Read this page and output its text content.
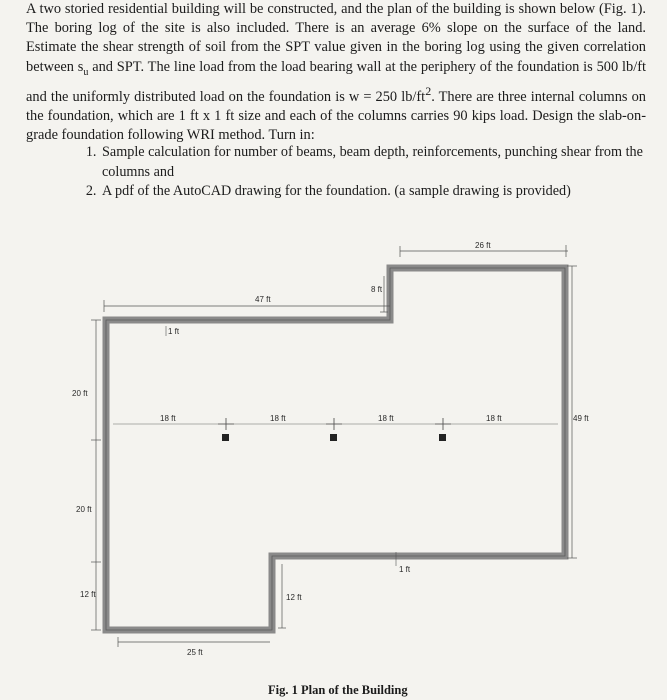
A two storied residential building will be constructed, and the plan of the building is shown below (Fig. 1). The boring log of the site is also included. There is an average 6% slope on the surface of the land. Estimate the shear strength of soil from the SPT value given in the boring log using the given correlation between $s_u$ and SPT. The line load from the load bearing wall at the periphery of the foundation is 500 lb/ft and the uniformly distributed load on the foundation is w = 250 $lb/ft^2$. There are three internal columns on the foundation, which are 1 ft x 1 ft size and each of the columns carries 90 kips load. Design the slab-on-grade foundation following WRI method. Turn in:
1. Sample calculation for number of beams, beam depth, reinforcements, punching shear from the columns and
2. A pdf of the AutoCAD drawing for the foundation. (a sample drawing is provided)
26 ft
8 ft
47 ft
1 ft
20 ft
20 ft
12 ft
25 ft
12 ft
1 ft
49 ft
18 ft	18 ft	18 ft	18 ft
Fig. 1 Plan of the Building
